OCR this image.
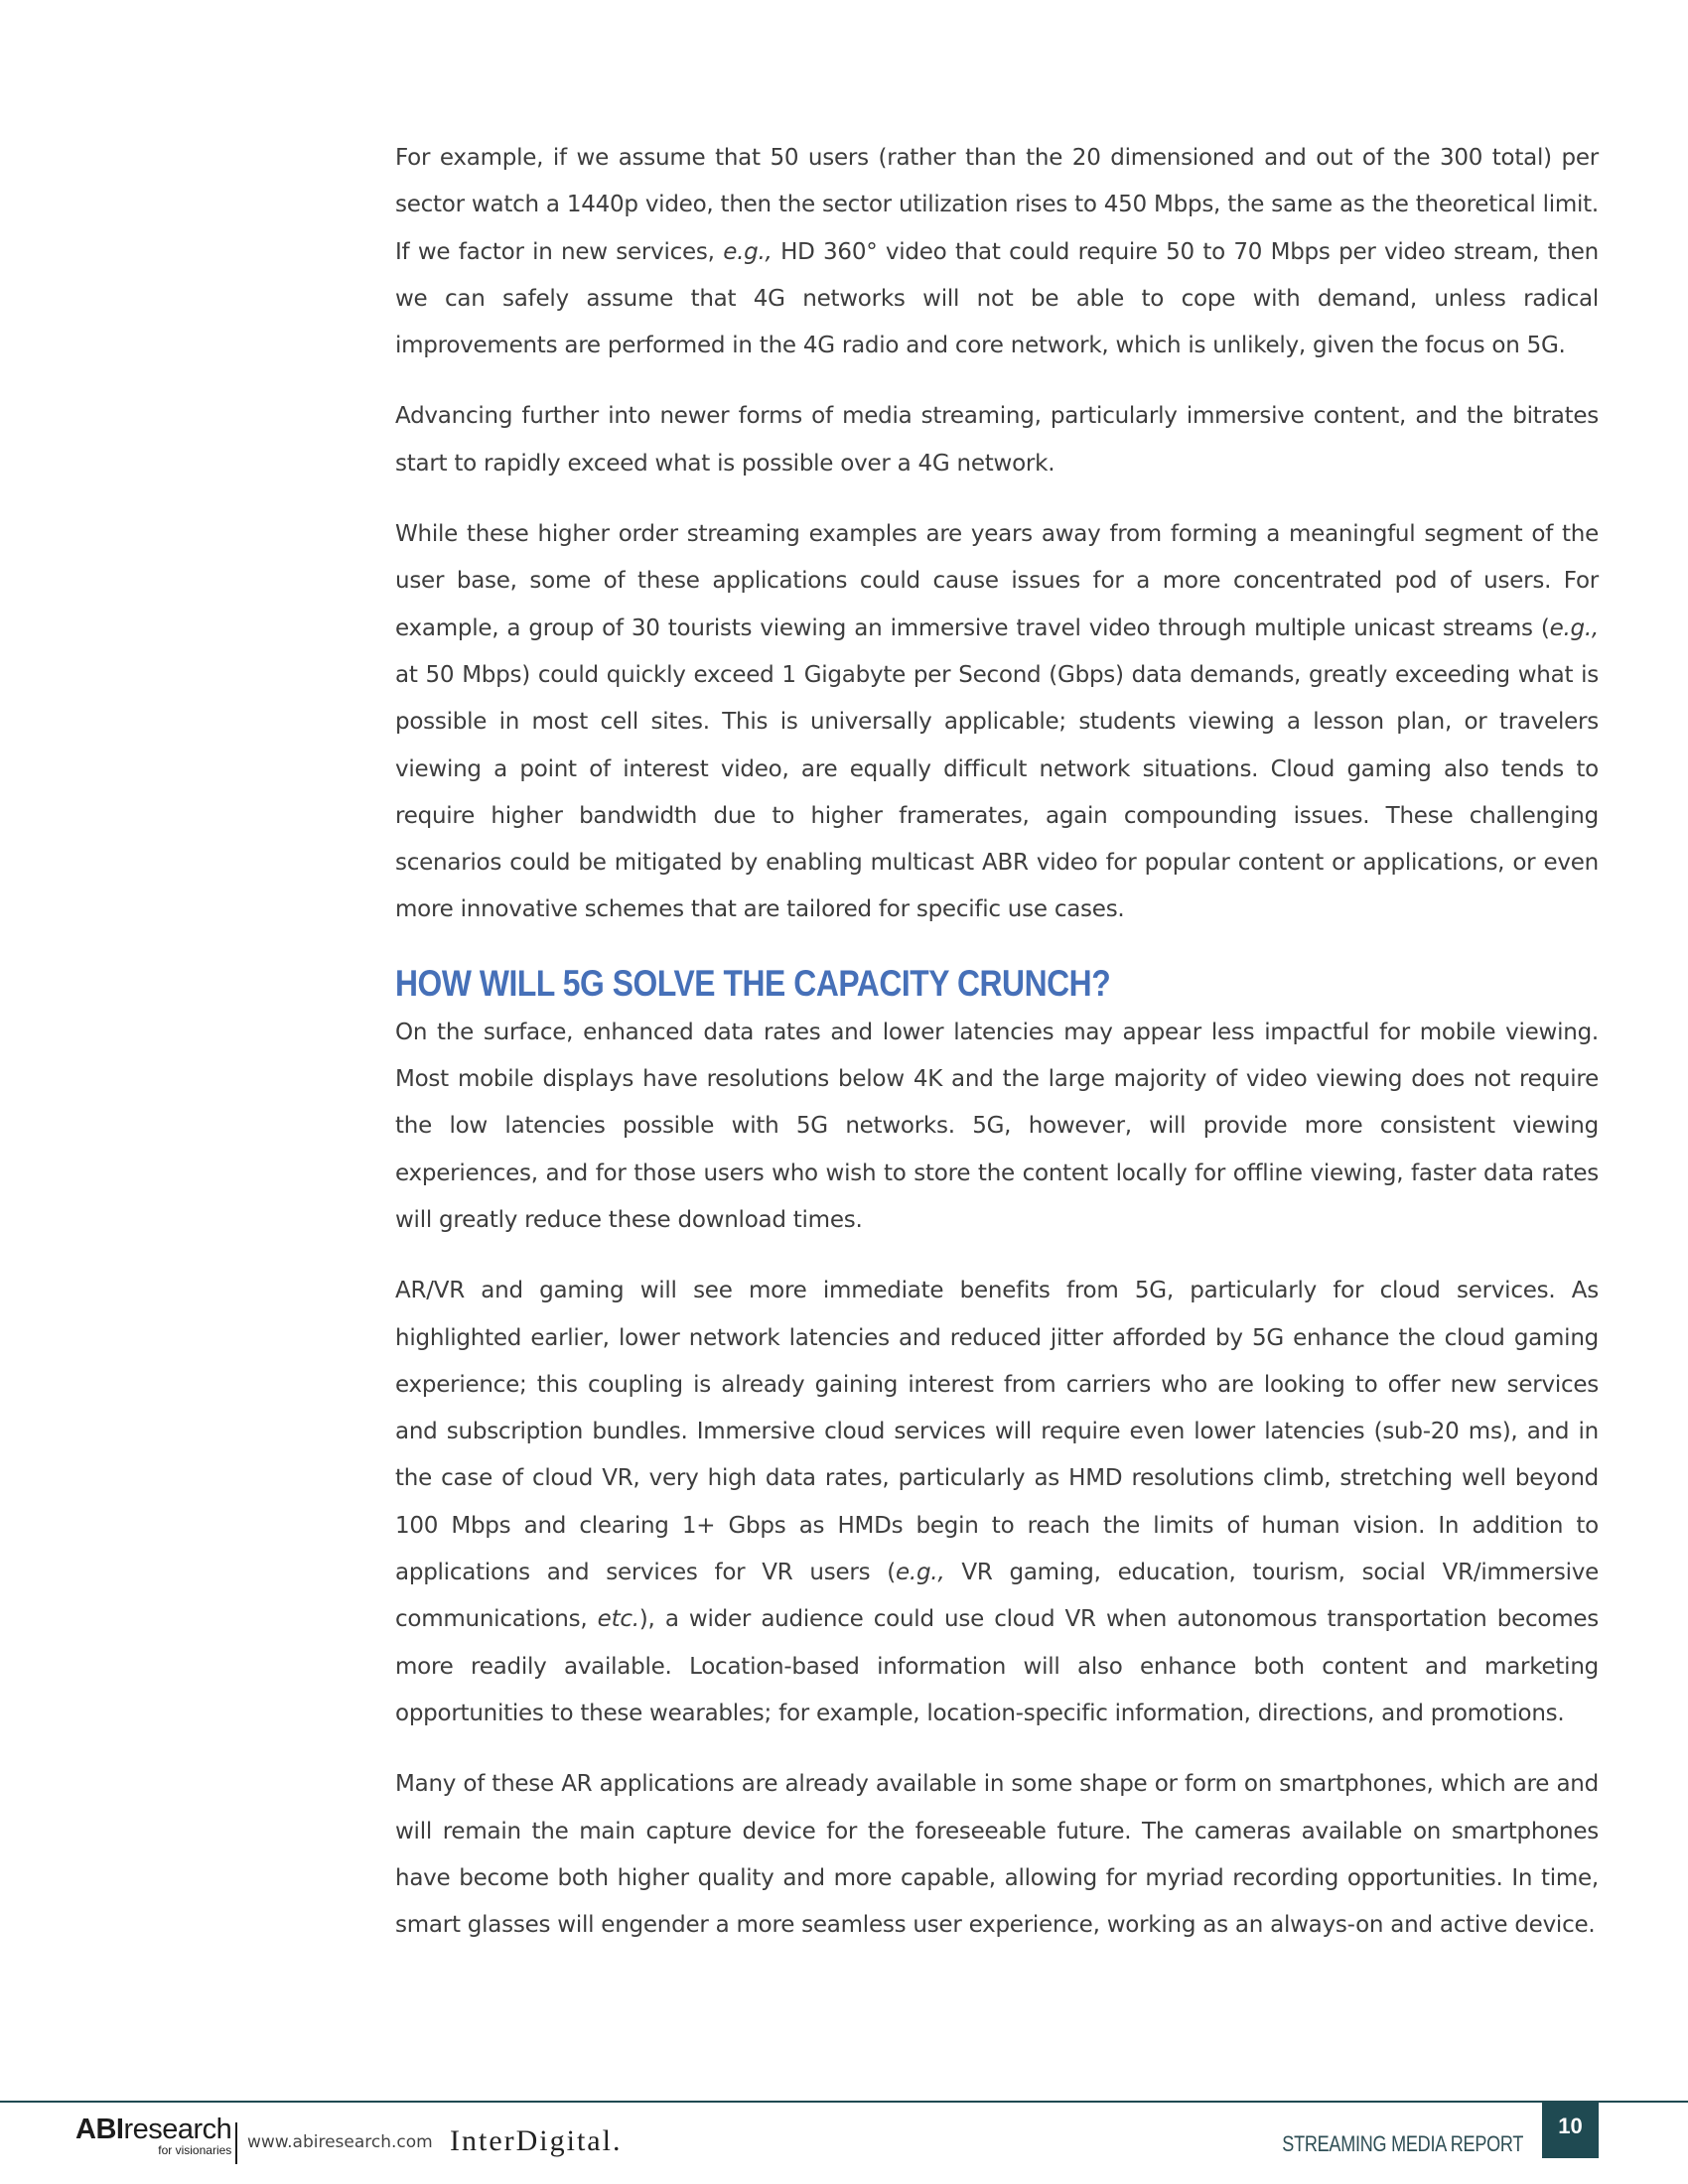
For example, if we assume that 50 users (rather than the 20 dimensioned and out of the 300 total) per sector watch a 1440p video, then the sector utilization rises to 450 Mbps, the same as the theoretical limit. If we factor in new services, e.g., HD 360° video that could require 50 to 70 Mbps per video stream, then we can safely assume that 4G networks will not be able to cope with demand, unless radical improvements are performed in the 4G radio and core network, which is unlikely, given the focus on 5G.

Advancing further into newer forms of media streaming, particularly immersive content, and the bitrates start to rapidly exceed what is possible over a 4G network.

While these higher order streaming examples are years away from forming a meaningful segment of the user base, some of these applications could cause issues for a more concentrated pod of users. For example, a group of 30 tourists viewing an immersive travel video through multiple unicast streams (e.g., at 50 Mbps) could quickly exceed 1 Gigabyte per Second (Gbps) data demands, greatly exceeding what is possible in most cell sites. This is universally applicable; students viewing a lesson plan, or travelers viewing a point of interest video, are equally difficult network situations. Cloud gaming also tends to require higher bandwidth due to higher framerates, again compounding issues. These challenging scenarios could be mitigated by enabling multicast ABR video for popular content or applications, or even more innovative schemes that are tailored for specific use cases.

HOW WILL 5G SOLVE THE CAPACITY CRUNCH?

On the surface, enhanced data rates and lower latencies may appear less impactful for mobile viewing. Most mobile displays have resolutions below 4K and the large majority of video viewing does not require the low latencies possible with 5G networks. 5G, however, will provide more consistent viewing experiences, and for those users who wish to store the content locally for offline viewing, faster data rates will greatly reduce these download times.

AR/VR and gaming will see more immediate benefits from 5G, particularly for cloud services. As highlighted earlier, lower network latencies and reduced jitter afforded by 5G enhance the cloud gaming experience; this coupling is already gaining interest from carriers who are looking to offer new services and subscription bundles. Immersive cloud services will require even lower latencies (sub-20 ms), and in the case of cloud VR, very high data rates, particularly as HMD resolutions climb, stretching well beyond 100 Mbps and clearing 1+ Gbps as HMDs begin to reach the limits of human vision. In addition to applications and services for VR users (e.g., VR gaming, education, tourism, social VR/immersive communications, etc.), a wider audience could use cloud VR when autonomous transportation becomes more readily available. Location-based information will also enhance both content and marketing opportunities to these wearables; for example, location-specific information, directions, and promotions.

Many of these AR applications are already available in some shape or form on smartphones, which are and will remain the main capture device for the foreseeable future. The cameras available on smartphones have become both higher quality and more capable, allowing for myriad recording opportunities. In time, smart glasses will engender a more seamless user experience, working as an always-on and active device.

ABIresearch
for visionaries www.abiresearch.com InterDigital.	STREAMING MEDIA REPORT
10
